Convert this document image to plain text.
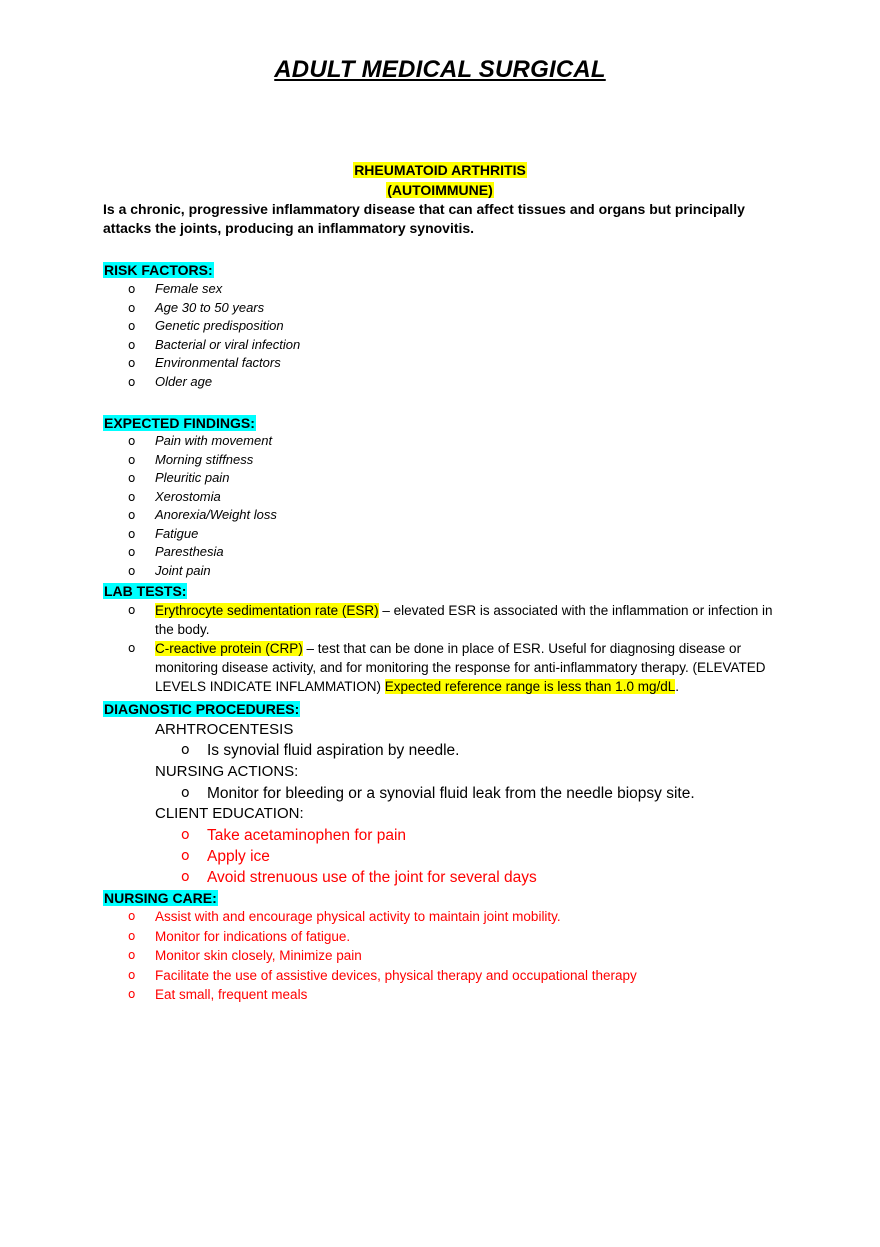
ADULT MEDICAL SURGICAL
RHEUMATOID ARTHRITIS
(AUTOIMMUNE)
Is a chronic, progressive inflammatory disease that can affect tissues and organs but principally attacks the joints, producing an inflammatory synovitis.
RISK FACTORS:
o Female sex
o Age 30 to 50 years
o Genetic predisposition
o Bacterial or viral infection
o Environmental factors
o Older age
EXPECTED FINDINGS:
o Pain with movement
o Morning stiffness
o Pleuritic pain
o Xerostomia
o Anorexia/Weight loss
o Fatigue
o Paresthesia
o Joint pain
LAB TESTS:
o Erythrocyte sedimentation rate (ESR) – elevated ESR is associated with the inflammation or infection in the body.
o C-reactive protein (CRP) – test that can be done in place of ESR. Useful for diagnosing disease or monitoring disease activity, and for monitoring the response for anti-inflammatory therapy. (ELEVATED LEVELS INDICATE INFLAMMATION) Expected reference range is less than 1.0 mg/dL.
DIAGNOSTIC PROCEDURES:
ARHTROCENTESIS
o Is synovial fluid aspiration by needle.
NURSING ACTIONS:
o Monitor for bleeding or a synovial fluid leak from the needle biopsy site.
CLIENT EDUCATION:
o Take acetaminophen for pain
o Apply ice
o Avoid strenuous use of the joint for several days
NURSING CARE:
o Assist with and encourage physical activity to maintain joint mobility.
o Monitor for indications of fatigue.
o Monitor skin closely, Minimize pain
o Facilitate the use of assistive devices, physical therapy and occupational therapy
o Eat small, frequent meals
